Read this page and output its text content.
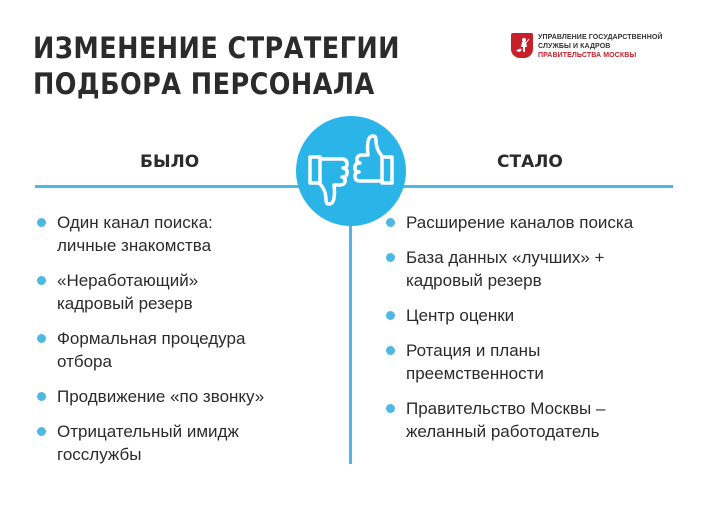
ИЗМЕНЕНИЕ СТРАТЕГИИ
ПОДБОРА ПЕРСОНАЛА
УПРАВЛЕНИЕ ГОСУДАРСТВЕННОЙ
СЛУЖБЫ И КАДРОВ
ПРАВИТЕЛЬСТВА МОСКВЫ
БЫЛО	СТАЛО
Один канал поиска:
личные знакомства
«Неработающий»
кадровый резерв
Формальная процедура
отбора
Продвижение «по звонку»
Отрицательный имидж
госслужбы
Расширение каналов поиска
База данных «лучших» +
кадровый резерв
Центр оценки
Ротация и планы
преемственности
Правительство Москвы –
желанный работодатель
